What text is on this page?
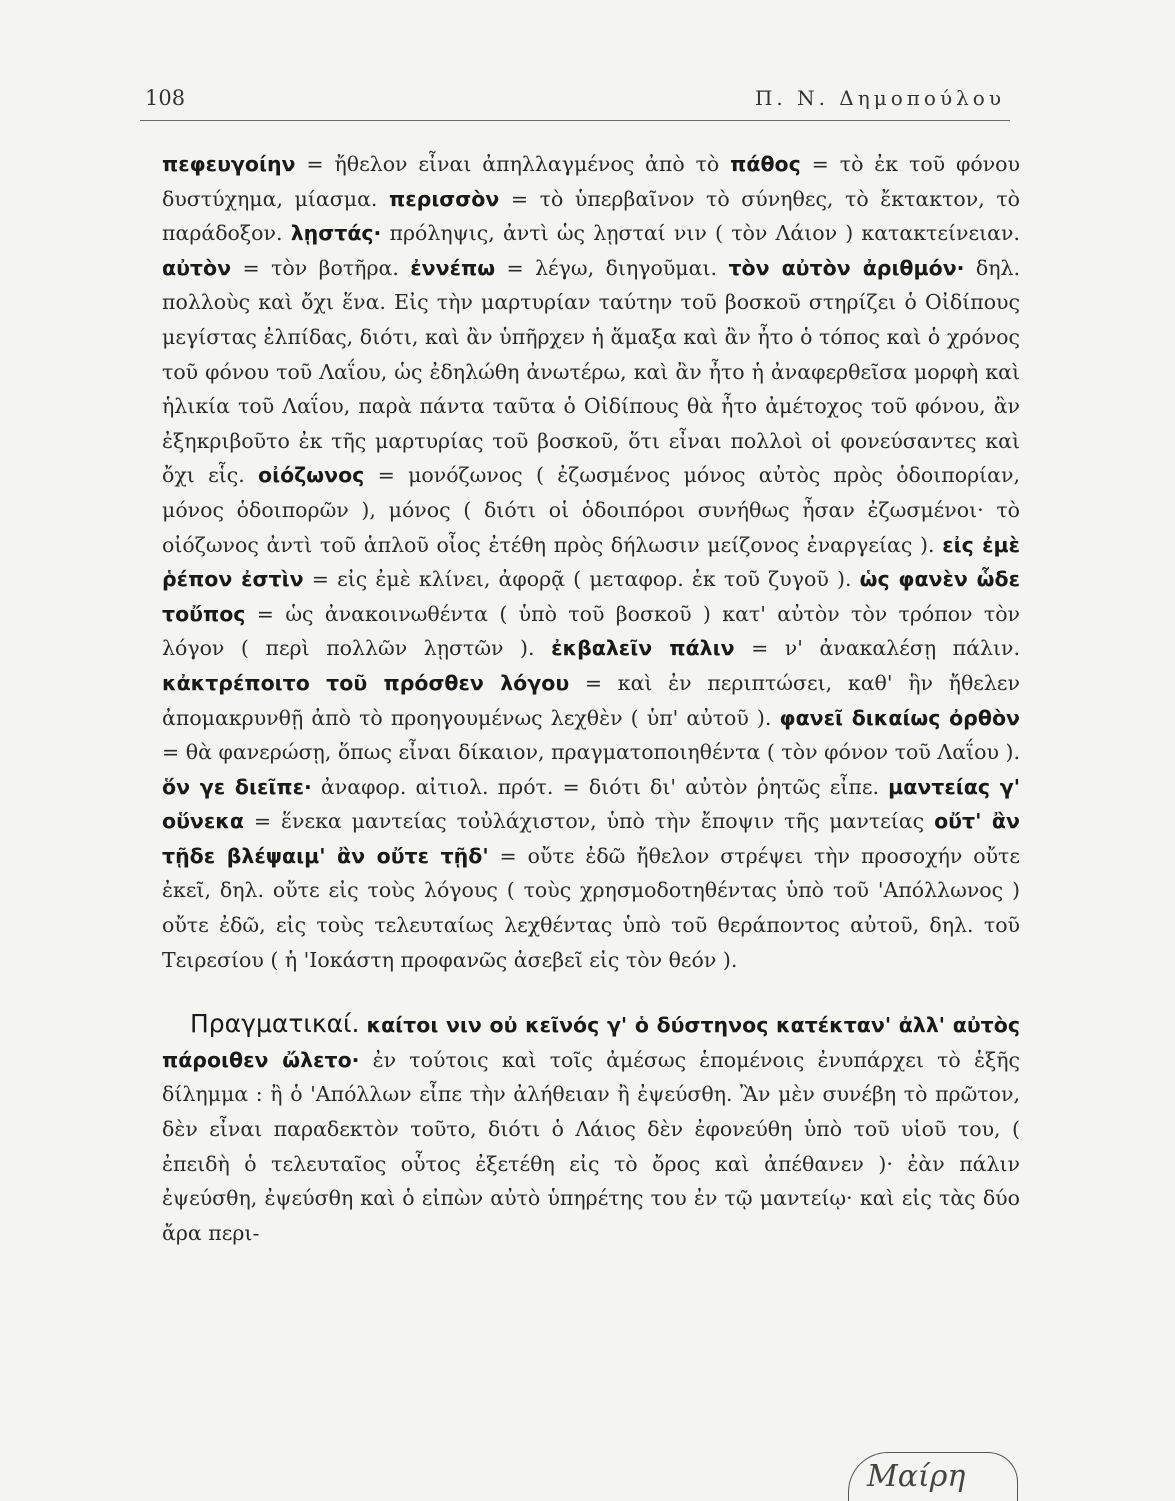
108	Π. Ν. Δημοπούλου

πεφευγοίην = ἤθελον εἶναι ἀπηλλαγμένος ἀπὸ τὸ πάθος = τὸ ἐκ τοῦ φόνου δυστύχημα, μίασμα. περισσὸν = τὸ ὑπερβαῖνον τὸ σύνηθες, τὸ ἔκτακτον, τὸ παράδοξον. λῃστάς· πρόληψις, ἀντὶ ὡς λῃσταί νιν ( τὸν Λάιον ) κατακτείνειαν. αὐτὸν = τὸν βοτῆρα. ἐννέπω = λέγω, διηγοῦμαι. τὸν αὐτὸν ἀριθμόν· δηλ. πολλοὺς καὶ ὄχι ἕνα. Εἰς τὴν μαρτυρίαν ταύτην τοῦ βοσκοῦ στηρίζει ὁ Οἰδίπους μεγίστας ἐλπίδας, διότι, καὶ ἂν ὑπῆρχεν ἡ ἅμαξα καὶ ἂν ἦτο ὁ τόπος καὶ ὁ χρόνος τοῦ φόνου τοῦ Λαΐου, ὡς ἐδηλώθη ἀνωτέρω, καὶ ἂν ἦτο ἡ ἀναφερθεῖσα μορφὴ καὶ ἡλικία τοῦ Λαΐου, παρὰ πάντα ταῦτα ὁ Οἰδίπους θὰ ἦτο ἀμέτοχος τοῦ φόνου, ἂν ἐξηκριβοῦτο ἐκ τῆς μαρτυρίας τοῦ βοσκοῦ, ὅτι εἶναι πολλοὶ οἱ φονεύσαντες καὶ ὄχι εἷς. οἰόζωνος = μονόζωνος ( ἐζωσμένος μόνος αὐτὸς πρὸς ὁδοιπορίαν, μόνος ὁδοιπορῶν ), μόνος ( διότι οἱ ὁδοιπόροι συνήθως ἦσαν ἐζωσμένοι· τὸ οἰόζωνος ἀντὶ τοῦ ἁπλοῦ οἶος ἐτέθη πρὸς δήλωσιν μείζονος ἐναργείας ). εἰς ἐμὲ ῥέπον ἐστὶν = εἰς ἐμὲ κλίνει, ἀφορᾷ ( μεταφορ. ἐκ τοῦ ζυγοῦ ). ὡς φανὲν ὧδε τοὔπος = ὡς ἀνακοινωθέντα ( ὑπὸ τοῦ βοσκοῦ ) κατ' αὐτὸν τὸν τρόπον τὸν λόγον ( περὶ πολλῶν λῃστῶν ). ἐκβαλεῖν πάλιν = ν' ἀνακαλέσῃ πάλιν. κἀκτρέποιτο τοῦ πρόσθεν λόγου = καὶ ἐν περιπτώσει, καθ' ἣν ἤθελεν ἀπομακρυνθῇ ἀπὸ τὸ προηγουμένως λεχθὲν ( ὑπ' αὐτοῦ ). φανεῖ δικαίως ὀρθὸν = θὰ φανερώσῃ, ὅπως εἶναι δίκαιον, πραγματοποιηθέντα ( τὸν φόνον τοῦ Λαΐου ). ὅν γε διεῖπε· ἀναφορ. αἰτιολ. πρότ. = διότι δι' αὐτὸν ῥητῶς εἶπε. μαντείας γ' οὕνεκα = ἕνεκα μαντείας τοὐλάχιστον, ὑπὸ τὴν ἔποψιν τῆς μαντείας οὔτ' ἂν τῇδε βλέψαιμ' ἂν οὔτε τῇδ' = οὔτε ἐδῶ ἤθελον στρέψει τὴν προσοχήν οὔτε ἐκεῖ, δηλ. οὔτε εἰς τοὺς λόγους ( τοὺς χρησμοδοτηθέντας ὑπὸ τοῦ 'Απόλλωνος ) οὔτε ἐδῶ, εἰς τοὺς τελευταίως λεχθέντας ὑπὸ τοῦ θεράποντος αὐτοῦ, δηλ. τοῦ Τειρεσίου ( ἡ 'Ιοκάστη προφανῶς ἀσεβεῖ εἰς τὸν θεόν ).

Πραγματικαί. καίτοι νιν οὐ κεῖνός γ' ὁ δύστηνος κατέκταν' ἀλλ' αὐτὸς πάροιθεν ὤλετο· ἐν τούτοις καὶ τοῖς ἀμέσως ἑπομένοις ἐνυπάρχει τὸ ἑξῆς δίλημμα : ἢ ὁ 'Απόλλων εἶπε τὴν ἀλήθειαν ἢ ἐψεύσθη. Ἂν μὲν συνέβη τὸ πρῶτον, δὲν εἶναι παραδεκτὸν τοῦτο, διότι ὁ Λάιος δὲν ἐφονεύθη ὑπὸ τοῦ υἱοῦ του, ( ἐπειδὴ ὁ τελευταῖος οὗτος ἐξετέθη εἰς τὸ ὄρος καὶ ἀπέθανεν )· ἐὰν πάλιν ἐψεύσθη, ἐψεύσθη καὶ ὁ εἰπὼν αὐτὸ ὑπηρέτης του ἐν τῷ μαντείῳ· καὶ εἰς τὰς δύο ἄρα περι-

Μαίρη
